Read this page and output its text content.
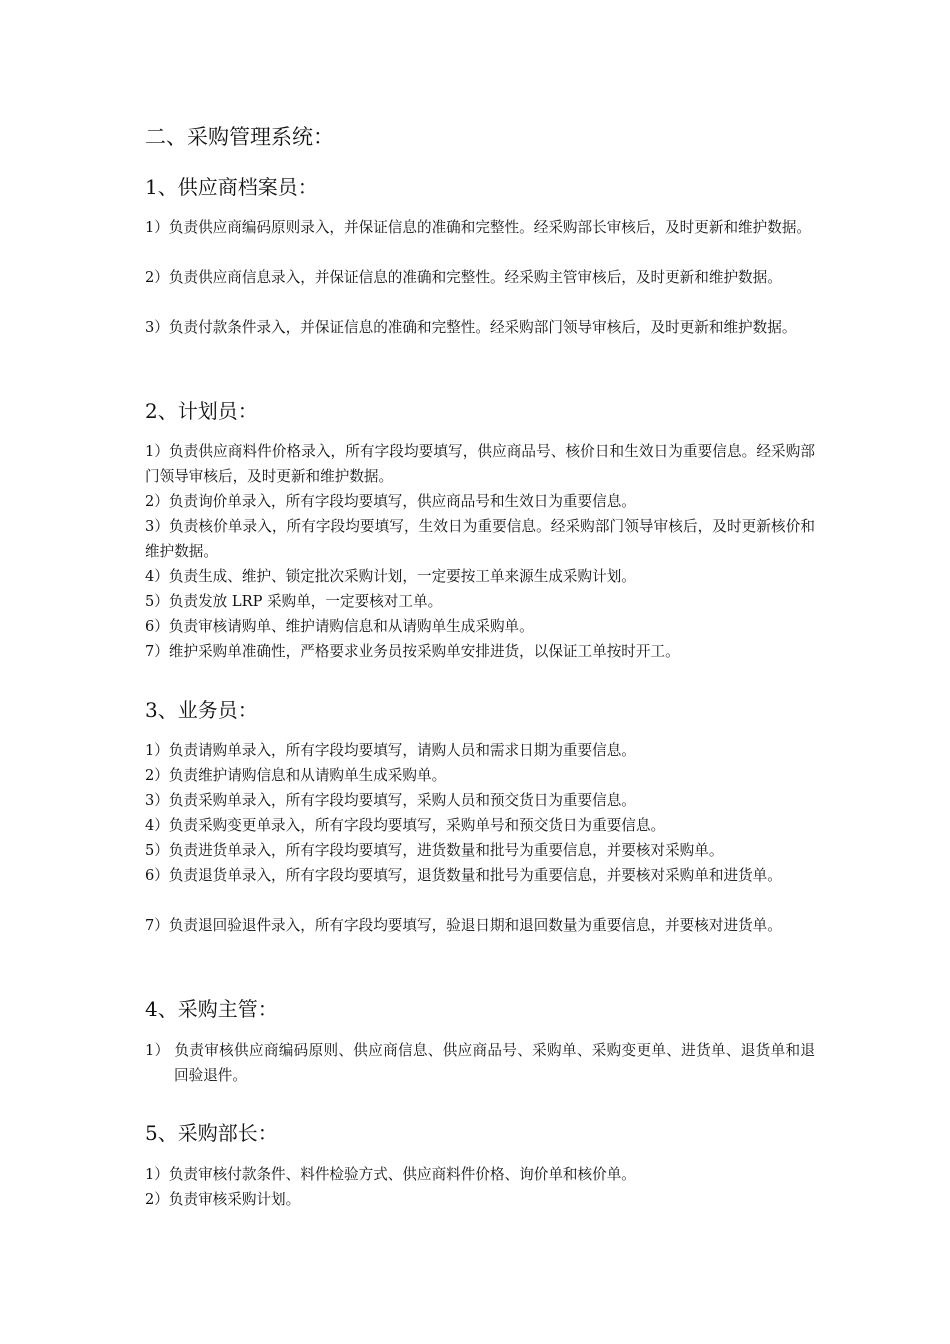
二、采购管理系统：
1、供应商档案员：
1）负责供应商编码原则录入，并保证信息的准确和完整性。经采购部长审核后，及时更新和维护数据。
2）负责供应商信息录入，并保证信息的准确和完整性。经采购主管审核后，及时更新和维护数据。
3）负责付款条件录入，并保证信息的准确和完整性。经采购部门领导审核后，及时更新和维护数据。
2、计划员：
1）负责供应商料件价格录入，所有字段均要填写，供应商品号、核价日和生效日为重要信息。经采购部门领导审核后，及时更新和维护数据。
2）负责询价单录入，所有字段均要填写，供应商品号和生效日为重要信息。
3）负责核价单录入，所有字段均要填写，生效日为重要信息。经采购部门领导审核后，及时更新核价和维护数据。
4）负责生成、维护、锁定批次采购计划，一定要按工单来源生成采购计划。
5）负责发放 LRP 采购单，一定要核对工单。
6）负责审核请购单、维护请购信息和从请购单生成采购单。
7）维护采购单准确性，严格要求业务员按采购单安排进货，以保证工单按时开工。
3、业务员：
1）负责请购单录入，所有字段均要填写，请购人员和需求日期为重要信息。
2）负责维护请购信息和从请购单生成采购单。
3）负责采购单录入，所有字段均要填写，采购人员和预交货日为重要信息。
4）负责采购变更单录入，所有字段均要填写，采购单号和预交货日为重要信息。
5）负责进货单录入，所有字段均要填写，进货数量和批号为重要信息，并要核对采购单。
6）负责退货单录入，所有字段均要填写，退货数量和批号为重要信息，并要核对采购单和进货单。
7）负责退回验退件录入，所有字段均要填写，验退日期和退回数量为重要信息，并要核对进货单。
4、采购主管：
1） 负责审核供应商编码原则、供应商信息、供应商品号、采购单、采购变更单、进货单、退货单和退回验退件。
5、采购部长：
1）负责审核付款条件、料件检验方式、供应商料件价格、询价单和核价单。
2）负责审核采购计划。
